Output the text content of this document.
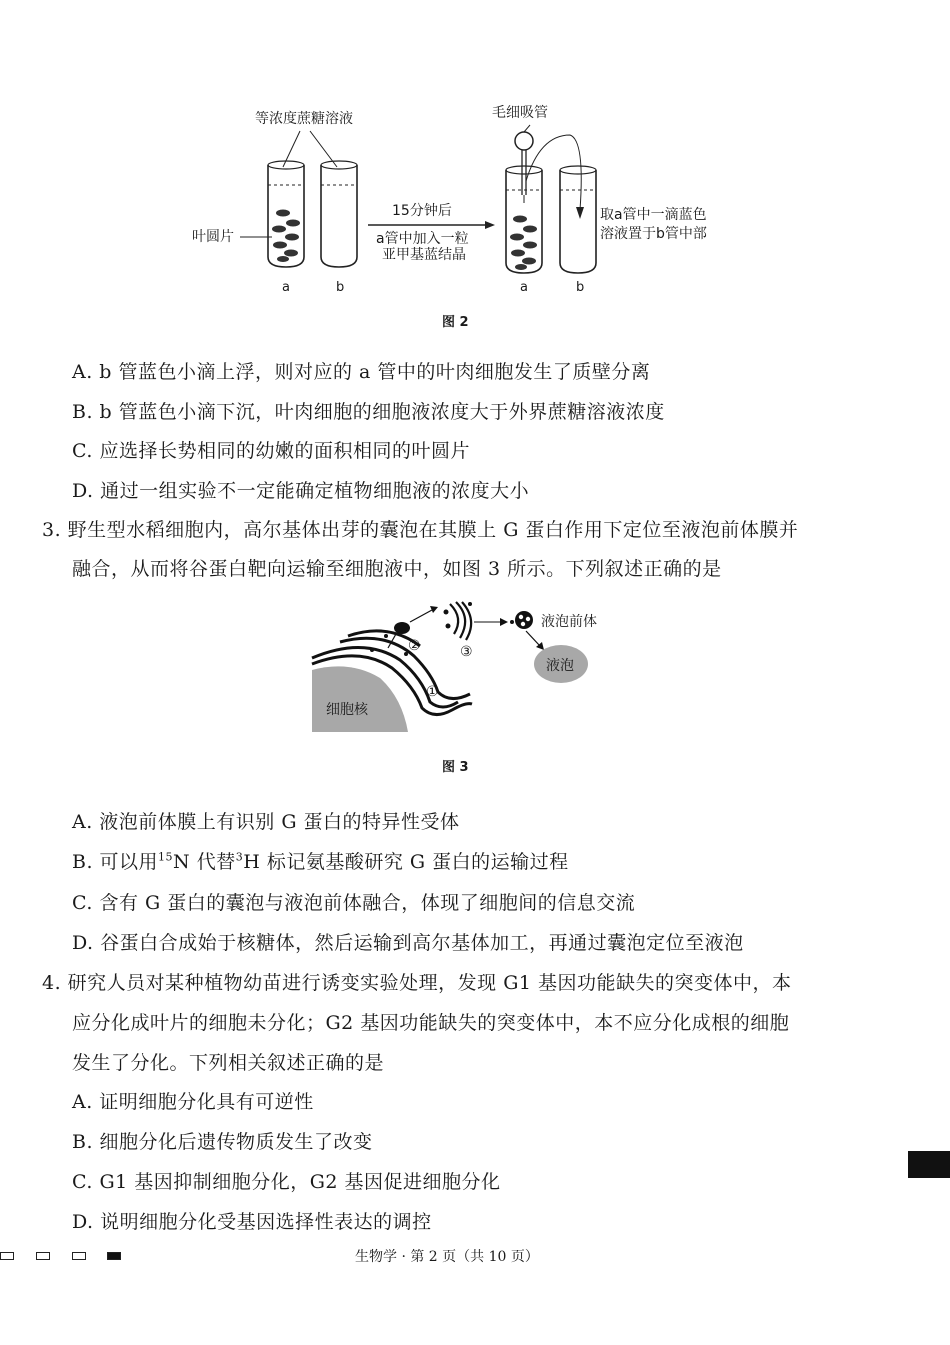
等浓度蔗糖溶液	毛细吸管
叶圆片
a	b
15分钟后
a管中加入一粒
亚甲基蓝结晶
a	b
取a管中一滴蓝色
溶液置于b管中部
图 2
A. b 管蓝色小滴上浮，则对应的 a 管中的叶肉细胞发生了质壁分离
B. b 管蓝色小滴下沉，叶肉细胞的细胞液浓度大于外界蔗糖溶液浓度
C. 应选择长势相同的幼嫩的面积相同的叶圆片
D. 通过一组实验不一定能确定植物细胞液的浓度大小
3. 野生型水稻细胞内，高尔基体出芽的囊泡在其膜上 G 蛋白作用下定位至液泡前体膜并
融合，从而将谷蛋白靶向运输至细胞液中，如图 3 所示。下列叙述正确的是
细胞核
②	③
液泡前体
液泡
①
图 3
A. 液泡前体膜上有识别 G 蛋白的特异性受体
B. 可以用$^{15}$N 代替$^3$H 标记氨基酸研究 G 蛋白的运输过程
C. 含有 G 蛋白的囊泡与液泡前体融合，体现了细胞间的信息交流
D. 谷蛋白合成始于核糖体，然后运输到高尔基体加工，再通过囊泡定位至液泡
4. 研究人员对某种植物幼苗进行诱变实验处理，发现 G1 基因功能缺失的突变体中，本
应分化成叶片的细胞未分化；G2 基因功能缺失的突变体中，本不应分化成根的细胞
发生了分化。下列相关叙述正确的是
A. 证明细胞分化具有可逆性
B. 细胞分化后遗传物质发生了改变
C. G1 基因抑制细胞分化，G2 基因促进细胞分化
D. 说明细胞分化受基因选择性表达的调控
生物学 · 第 2 页（共 10 页）
